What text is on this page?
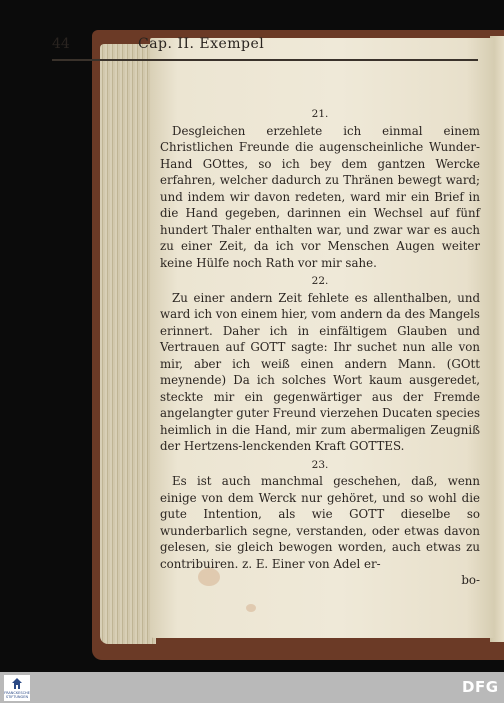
21.

Desgleichen erzehlete ich einmal einem Christlichen Freunde die augenscheinliche Wunder-Hand GOttes, so ich bey dem gantzen Wercke erfahren, welcher dadurch zu Thränen bewegt ward; und indem wir davon redeten, ward mir ein Brief in die Hand gegeben, darinnen ein Wechsel auf fünf hundert Thaler enthalten war, und zwar war es auch zu einer Zeit, da ich vor Menschen Augen weiter keine Hülfe noch Rath vor mir sahe.

22.

Zu einer andern Zeit fehlete es allenthalben, und ward ich von einem hier, vom andern da des Mangels erinnert. Daher ich in einfältigem Glauben und Vertrauen auf GOTT sagte: Ihr suchet nun alle von mir, aber ich weiß einen andern Mann. (GOtt meynende) Da ich solches Wort kaum ausgeredet, steckte mir ein gegenwärtiger aus der Fremde angelangter guter Freund vierzehen Ducaten species heimlich in die Hand, mir zum abermaligen Zeugniß der Hertzens-lenckenden Kraft GOTTES.

23.

Es ist auch manchmal geschehen, daß, wenn einige von dem Werck nur gehöret, und so wohl die gute Intention, als wie GOTT dieselbe so wunderbarlich segne, verstanden, oder etwas davon gelesen, sie gleich bewogen worden, auch etwas zu contribuiren. z. E. Einer von Adel er-

bo-

44	Cap. II. Exempel
FRANCKESCHE STIFTUNGEN
DFG
